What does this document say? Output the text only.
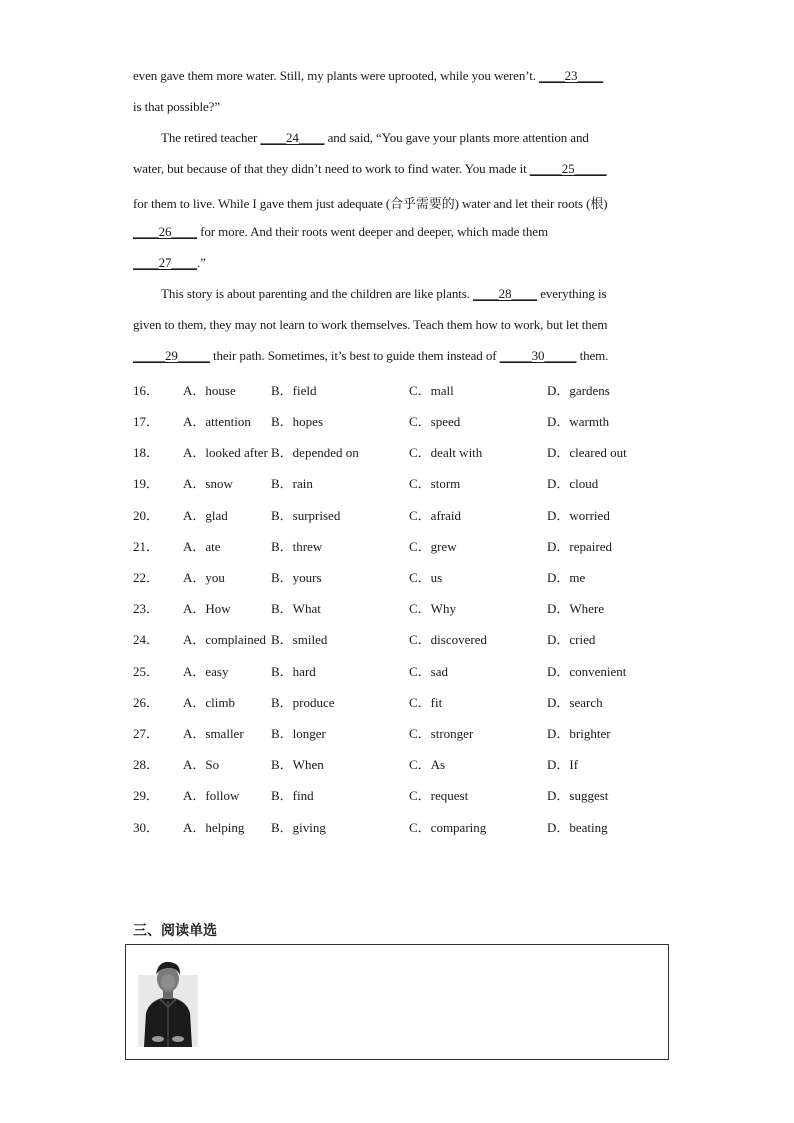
even gave them more water. Still, my plants were uprooted, while you weren’t. ____23____
is that possible?”
The retired teacher ____24____ and said, “You gave your plants more attention and
water, but because of that they didn’t need to work to find water. You made it _____25_____
for them to live. While I gave them just adequate (合乎需要的) water and let their roots (根)
____26____ for more. And their roots went deeper and deeper, which made them
____27____.”
This story is about parenting and the children are like plants. ____28____ everything is
given to them, they may not learn to work themselves. Teach them how to work, but let them
_____29_____ their path. Sometimes, it’s best to guide them instead of _____30_____ them.
16． A．house	B．field	C．mall	D．gardens
17． A．attention B．hopes	C．speed	D．warmth
18． A．looked after B．depended on	C．dealt with	D．cleared out
19． A．snow	B．rain	C．storm	D．cloud
20． A．glad	B．surprised	C．afraid	D．worried
21． A．ate	B．threw	C．grew	D．repaired
22． A．you	B．yours	C．us	D．me
23． A．How	B．What	C．Why	D．Where
24． A．complained B．smiled	C．discovered	D．cried
25． A．easy	B．hard	C．sad	D．convenient
26． A．climb	B．produce	C．fit	D．search
27． A．smaller B．longer	C．stronger	D．brighter
28． A．So	B．When	C．As	D．If
29． A．follow B．find	C．request	D．suggest
30． A．helping B．giving	C．comparing	D．beating
三、阅读单选
